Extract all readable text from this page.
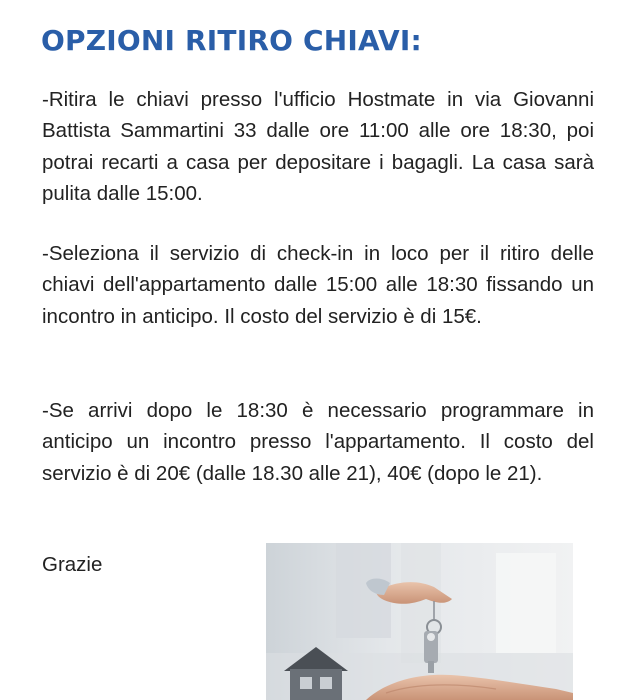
OPZIONI RITIRO CHIAVI:

-Ritira le chiavi presso l'ufficio Hostmate in via Giovanni Battista Sammartini 33 dalle ore 11:00 alle ore 18:30, poi potrai recarti a casa per depositare i bagagli. La casa sarà pulita dalle 15:00.

-Seleziona il servizio di check-in in loco per il ritiro delle chiavi dell'appartamento dalle 15:00 alle 18:30 fissando un incontro in anticipo. Il costo del servizio è di 15€.

-Se arrivi dopo le 18:30 è necessario programmare in anticipo un incontro presso l'appartamento. Il costo del servizio è di 20€ (dalle 18.30 alle 21), 40€ (dopo le 21).

Grazie
